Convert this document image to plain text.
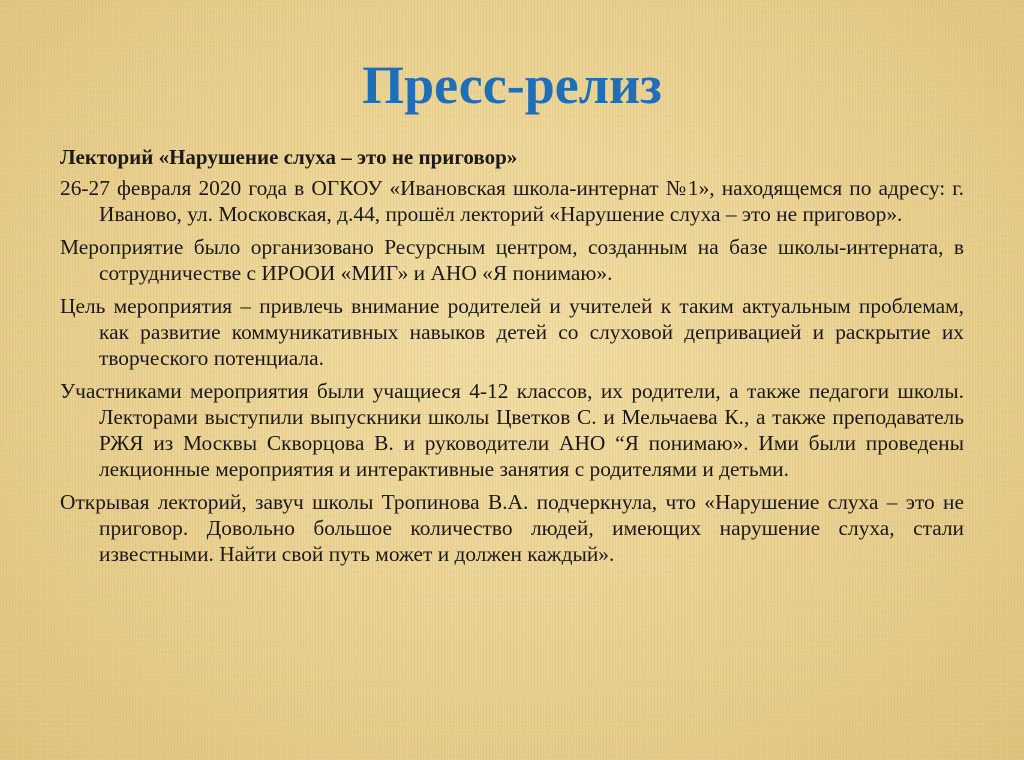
Пресс-релиз

Лекторий «Нарушение слуха – это не приговор»

26-27 февраля 2020 года в ОГКОУ «Ивановская школа-интернат №1», находящемся по адресу: г. Иваново, ул. Московская, д.44, прошёл лекторий «Нарушение слуха – это не приговор».

Мероприятие было организовано Ресурсным центром, созданным на базе школы-интерната, в сотрудничестве с ИРООИ «МИГ» и АНО «Я понимаю».

Цель мероприятия – привлечь внимание родителей и учителей к таким актуальным проблемам, как развитие коммуникативных навыков детей со слуховой депривацией и раскрытие их творческого потенциала.

Участниками мероприятия были учащиеся 4-12 классов, их родители, а также педагоги школы. Лекторами выступили выпускники школы Цветков С. и Мельчаева К., а также преподаватель РЖЯ из Москвы Скворцова В. и руководители АНО “Я понимаю». Ими были проведены лекционные мероприятия и интерактивные занятия с родителями и детьми.

Открывая лекторий, завуч школы Тропинова В.А. подчеркнула, что «Нарушение слуха – это не приговор. Довольно большое количество людей, имеющих нарушение слуха, стали известными. Найти свой путь может и должен каждый».
